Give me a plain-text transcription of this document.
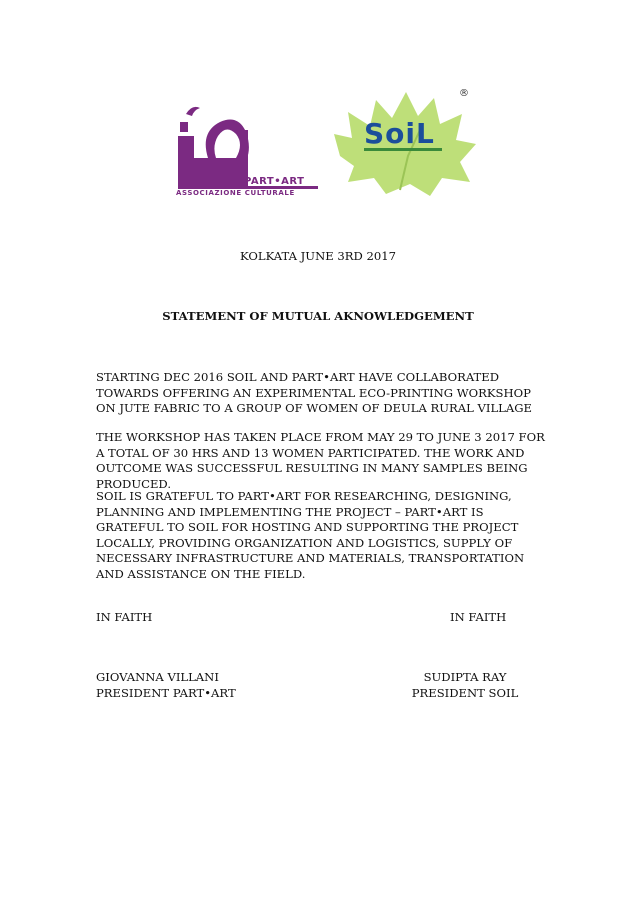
PART•ART
ASSOCIAZIONE CULTURALE
SoiL
®

KOLKATA JUNE 3RD 2017

STATEMENT OF MUTUAL AKNOWLEDGEMENT

STARTING DEC 2016 SOIL AND PART•ART HAVE COLLABORATED TOWARDS OFFERING AN EXPERIMENTAL ECO-PRINTING WORKSHOP ON JUTE FABRIC TO A GROUP OF WOMEN OF DEULA RURAL VILLAGE

THE WORKSHOP HAS TAKEN PLACE FROM MAY 29 TO JUNE 3 2017 FOR A TOTAL OF 30 HRS AND 13 WOMEN PARTICIPATED. THE WORK AND OUTCOME WAS SUCCESSFUL RESULTING IN MANY SAMPLES BEING PRODUCED.

SOIL IS GRATEFUL TO PART•ART FOR RESEARCHING, DESIGNING, PLANNING AND IMPLEMENTING THE PROJECT – PART•ART IS GRATEFUL TO SOIL FOR HOSTING AND SUPPORTING THE PROJECT LOCALLY, PROVIDING ORGANIZATION AND LOGISTICS, SUPPLY OF NECESSARY INFRASTRUCTURE AND MATERIALS, TRANSPORTATION AND ASSISTANCE ON THE FIELD.

IN FAITH	IN FAITH

GIOVANNA VILLANI

PRESIDENT PART•ART

SUDIPTA RAY

PRESIDENT SOIL
